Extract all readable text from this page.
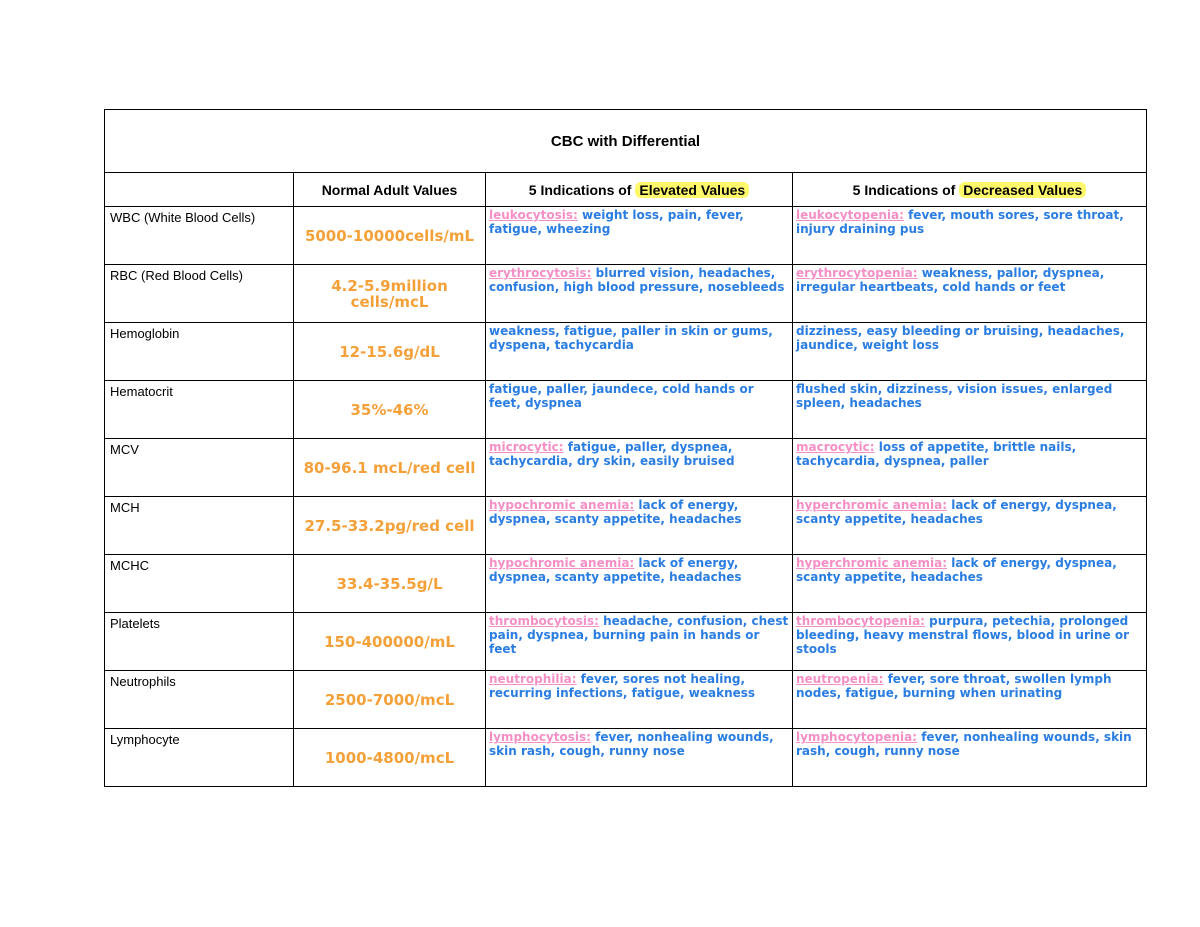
CBC with Differential			
	Normal Adult Values	5 Indications of Elevated Values	5 Indications of Decreased Values
WBC (White Blood Cells)	5000-10000cells/mL	leukocytosis: weight loss, pain, fever, fatigue, wheezing	leukocytopenia: fever, mouth sores, sore throat, injury draining pus
RBC (Red Blood Cells)	4.2-5.9million cells/mcL	erythrocytosis: blurred vision, headaches, confusion, high blood pressure, nosebleeds	erythrocytopenia: weakness, pallor, dyspnea, irregular heartbeats, cold hands or feet
Hemoglobin	12-15.6g/dL	weakness, fatigue, paller in skin or gums, dyspena, tachycardia	dizziness, easy bleeding or bruising, headaches, jaundice, weight loss
Hematocrit	35%-46%	fatigue, paller, jaundece, cold hands or feet, dyspnea	flushed skin, dizziness, vision issues, enlarged spleen, headaches
MCV	80-96.1 mcL/red cell	microcytic: fatigue, paller, dyspnea, tachycardia, dry skin, easily bruised	macrocytic: loss of appetite, brittle nails, tachycardia, dyspnea, paller
MCH	27.5-33.2pg/red cell	hypochromic anemia: lack of energy, dyspnea, scanty appetite, headaches	hyperchromic anemia: lack of energy, dyspnea, scanty appetite, headaches
MCHC	33.4-35.5g/L	hypochromic anemia: lack of energy, dyspnea, scanty appetite, headaches	hyperchromic anemia: lack of energy, dyspnea, scanty appetite, headaches
Platelets	150-400000/mL	thrombocytosis: headache, confusion, chest pain, dyspnea, burning pain in hands or feet	thrombocytopenia: purpura, petechia, prolonged bleeding, heavy menstral flows, blood in urine or stools
Neutrophils	2500-7000/mcL	neutrophilia: fever, sores not healing, recurring infections, fatigue, weakness	neutropenia: fever, sore throat, swollen lymph nodes, fatigue, burning when urinating
Lymphocyte	1000-4800/mcL	lymphocytosis: fever, nonhealing wounds, skin rash, cough, runny nose	lymphocytopenia: fever, nonhealing wounds, skin rash, cough, runny nose
